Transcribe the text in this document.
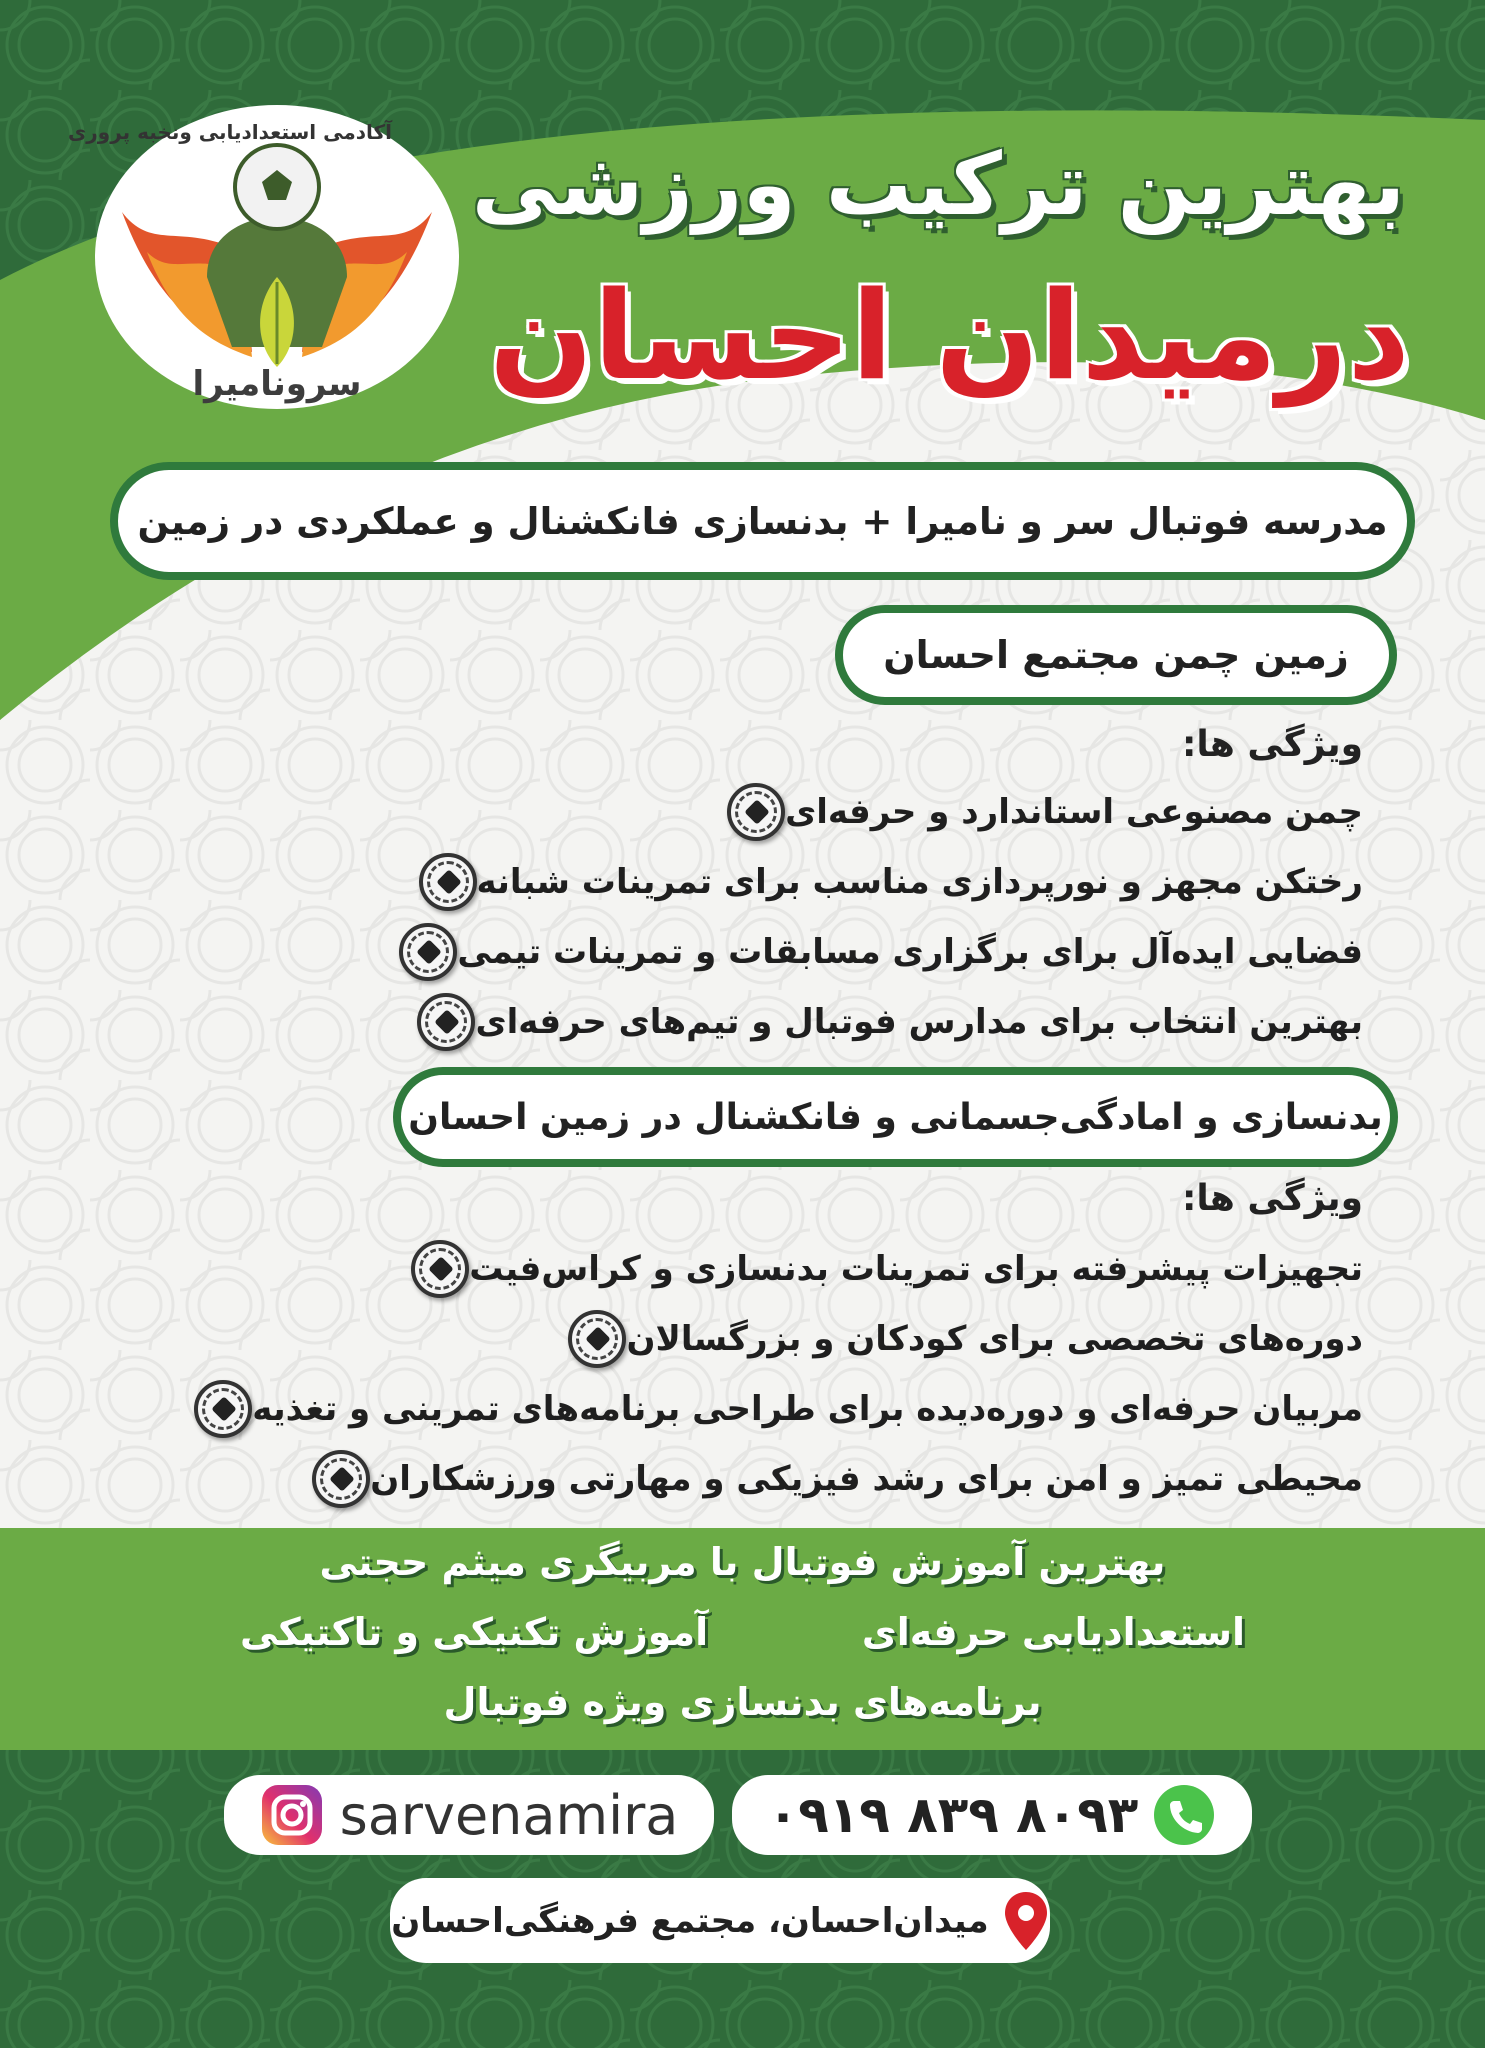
آکادمی استعدادیابی ونخبه پروری
سرونامیرا
بهترین ترکیب ورزشی
درمیدان احسان
مدرسه فوتبال سر و نامیرا + بدنسازی فانکشنال و عملکردی در زمین
زمین چمن مجتمع احسان
ویژگی ها:
چمن مصنوعی استاندارد و حرفه‌ای
رختکن مجهز و نورپردازی مناسب برای تمرینات شبانه
فضایی ایده‌آل برای برگزاری مسابقات و تمرینات تیمی
بهترین انتخاب برای مدارس فوتبال و تیم‌های حرفه‌ای
بدنسازی و امادگی‌جسمانی و فانکشنال در زمین احسان
ویژگی ها:
تجهیزات پیشرفته برای تمرینات بدنسازی و کراس‌فیت
دوره‌های تخصصی برای کودکان و بزرگسالان
مربیان حرفه‌ای و دوره‌دیده برای طراحی برنامه‌های تمرینی و تغذیه
محیطی تمیز و امن برای رشد فیزیکی و مهارتی ورزشکاران
بهترین آموزش فوتبال با مربیگری میثم حجتی
استعدادیابی حرفه‌ای
آموزش تکنیکی و تاکتیکی
برنامه‌های بدنسازی ویژه فوتبال
۰۹۱۹ ۸۳۹ ۸۰۹۳
sarvenamira
میدان‌احسان، مجتمع فرهنگی‌احسان
